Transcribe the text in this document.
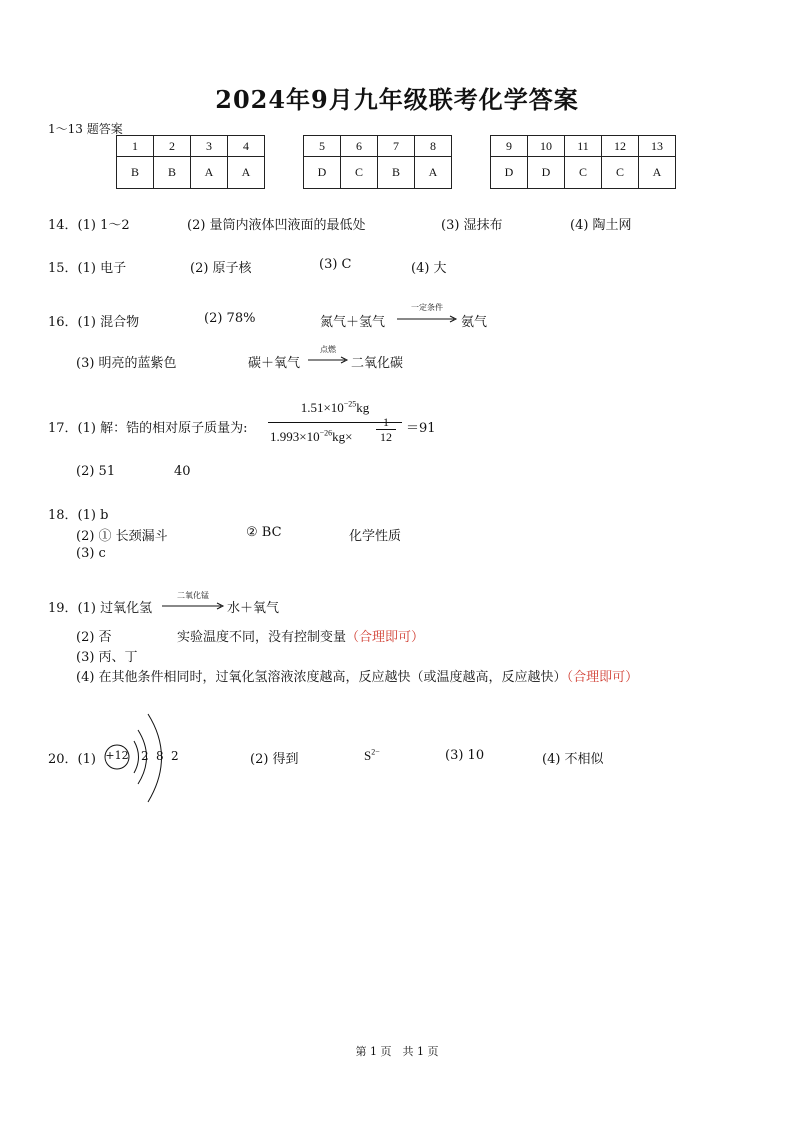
2024年9月九年级联考化学答案
1～13 题答案
1	2	3	4
B	B	A	A
5	6	7	8
D	C	B	A
9	10	11	12	13
D	D	C	C	A
14．(1) 1～2	(2) 量筒内液体凹液面的最低处	(3) 湿抹布	(4) 陶土网
15．(1) 电子	(2) 原子核	(3) C	(4) 大
16．(1) 混合物	(2) 78%	氮气＋氢气
一定条件
氨气
(3) 明亮的蓝紫色	碳＋氧气
点燃
二氧化碳
17．(1) 解：锆的相对原子质量为:
$1.51\times 10^{-25}kg$
$1.993\times 10^{-26}kg\times \frac{1}{12} =91$
(2) 51	40
18．(1) b
(2) ① 长颈漏斗	② BC	化学性质
(3) c
19．(1) 过氧化氢
二氧化锰
水＋氧气
(2) 否	实验温度不同，没有控制变量（合理即可）
(3) 丙、丁
(4) 在其他条件相同时，过氧化氢溶液浓度越高，反应越快（或温度越高，反应越快）（合理即可）
20．(1) +12 2 8 2	(2) 得到	$S^{2-}$	(3) 10	(4) 不相似
第 1 页　共 1 页
